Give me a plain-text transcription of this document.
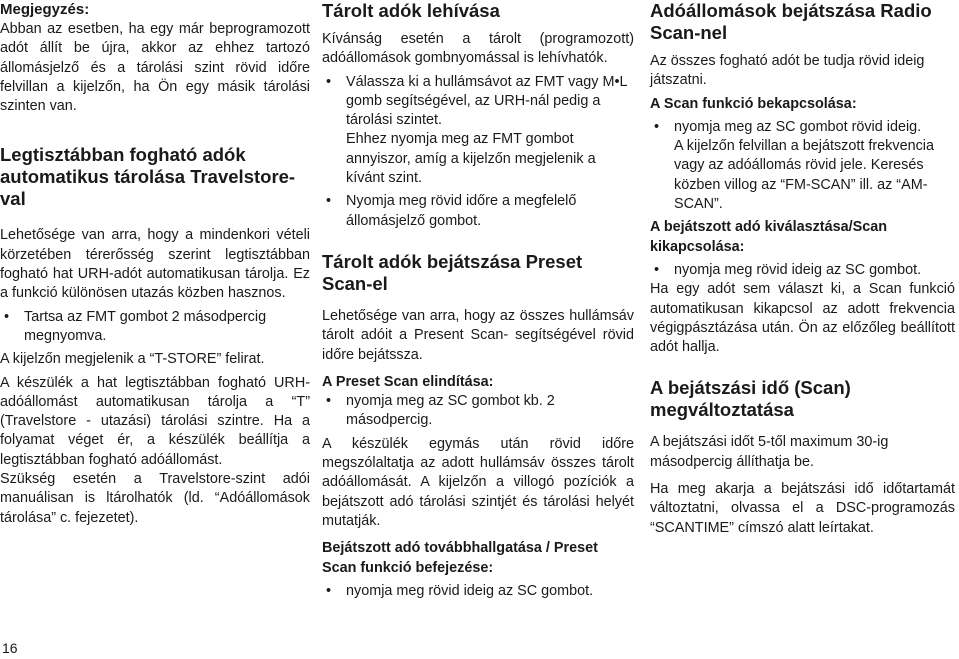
Megjegyzés:

Abban az esetben, ha egy már beprogramozott adót állít be újra, akkor az ehhez tartozó állomásjelző és a tárolási szint rövid időre felvillan a kijelzőn, ha Ön egy másik tárolási szinten van.

Legtisztábban fogható adók automatikus tárolása Travelstore-val

Lehetősége van arra, hogy a mindenkori vételi körzetében térerősség szerint legtisztábban fogható hat URH-adót automatikusan tárolja. Ez a funkció különösen utazás közben hasznos.

• Tartsa az FMT gombot 2 másodpercig megnyomva.

A kijelzőn megjelenik a “T-STORE” felirat.

A készülék a hat legtisztábban fogható URH-adóállomást automatikusan tárolja a “T” (Travelstore - utazási) tárolási szintre. Ha a folyamat véget ér, a készülék beállítja a legtisztábban fogható adóállomást.

Szükség esetén a Travelstore-szint adói manuálisan is ltárolhatók (ld. “Adóállomások tárolása” c. fejezetet).

Tárolt adók lehívása

Kívánság esetén a tárolt (programozott) adóállomások gombnyomással is lehívhatók.

• Válassza ki a hullámsávot az FMT vagy M•L gomb segítségével, az URH-nál pedig a tárolási szintet.

Ehhez nyomja meg az FMT gombot annyiszor, amíg a kijelzőn megjelenik a kívánt szint.

• Nyomja meg rövid időre a megfelelő állomásjelző gombot.

Tárolt adók bejátszása Preset Scan-el

Lehetősége van arra, hogy az összes hullámsáv tárolt adóit a Present Scan- segítségével rövid időre bejátssza.

A Preset Scan elindítása:

• nyomja meg az SC gombot kb. 2 másodpercig.

A készülék egymás után rövid időre megszólaltatja az adott hullámsáv összes tárolt adóállomását. A kijelzőn a villogó pozíciók a bejátszott adó tárolási szintjét és tárolási helyét mutatják.

Bejátszott adó továbbhallgatása / Preset Scan funkció befejezése:

• nyomja meg rövid ideig az SC gombot.

Adóállomások bejátszása Radio Scan-nel

Az összes fogható adót be tudja rövid ideig játszatni.

A Scan funkció bekapcsolása:

• nyomja meg az SC gombot rövid ideig.

A kijelzőn felvillan a bejátszott frekvencia vagy az adóállomás rövid jele. Keresés közben villog az “FM-SCAN” ill. az “AM-SCAN”.

A bejátszott adó kiválasztása/Scan kikapcsolása:

• nyomja meg rövid ideig az SC gombot.

Ha egy adót sem választ ki, a Scan funkció automatikusan kikapcsol az adott frekvencia végigpásztázása után. Ön az előzőleg beállított adót hallja.

A bejátszási idő (Scan) megváltoztatása

A bejátszási időt 5-től maximum 30-ig másodpercig állíthatja be.

Ha meg akarja a bejátszási idő időtartamát változtatni, olvassa el a DSC-programozás “SCANTIME” címszó alatt leírtakat.

16
